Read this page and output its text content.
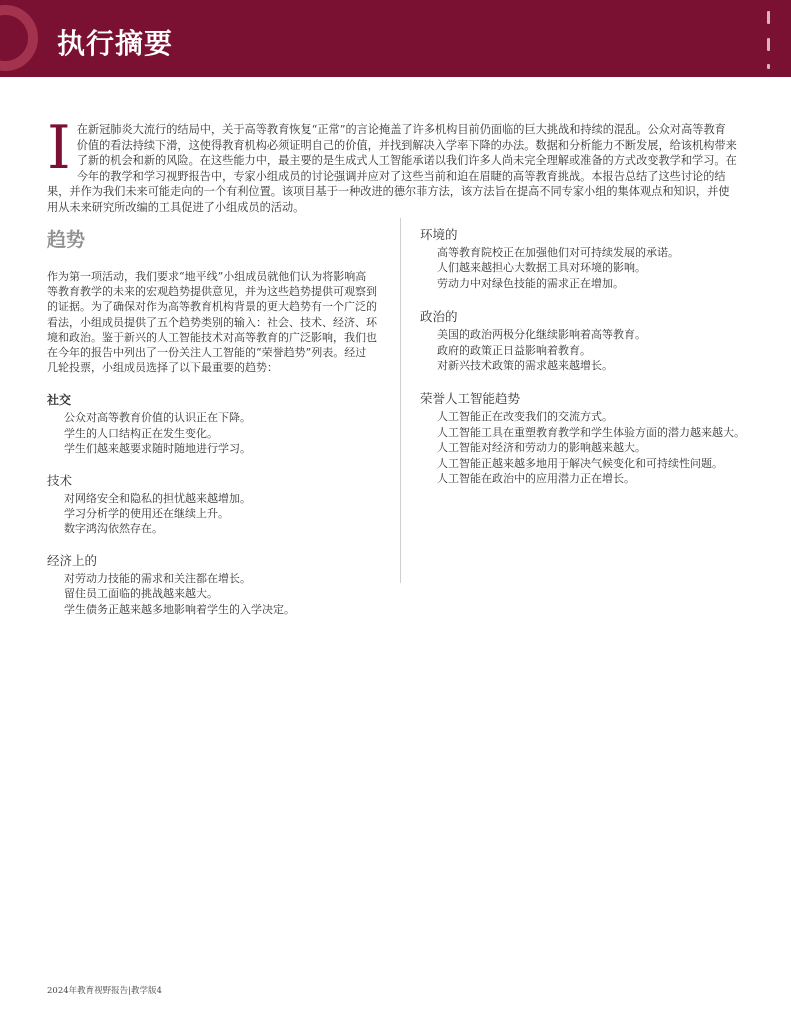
执行摘要
I 在新冠肺炎大流行的结局中，关于高等教育恢复“正常”的言论掩盖了许多机构目前仍面临的巨大挑战和持续的混乱。公众对高等教育价值的看法持续下滑，这使得教育机构必须证明自己的价值，并找到解决入学率下降的办法。数据和分析能力不断发展，给该机构带来了新的机会和新的风险。在这些能力中，最主要的是生成式人工智能承诺以我们许多人尚未完全理解或准备的方式改变教学和学习。在今年的教学和学习视野报告中，专家小组成员的讨论强调并应对了这些当前和迫在眉睫的高等教育挑战。本报告总结了这些讨论的结果，并作为我们未来可能走向的一个有利位置。该项目基于一种改进的德尔菲方法，该方法旨在提高不同专家小组的集体观点和知识，并使用从未来研究所改编的工具促进了小组成员的活动。
趋势
作为第一项活动，我们要求“地平线”小组成员就他们认为将影响高等教育教学的未来的宏观趋势提供意见，并为这些趋势提供可观察到的证据。为了确保对作为高等教育机构背景的更大趋势有一个广泛的看法，小组成员提供了五个趋势类别的输入：社会、技术、经济、环境和政治。鉴于新兴的人工智能技术对高等教育的广泛影响，我们也在今年的报告中列出了一份关注人工智能的“荣誉趋势”列表。经过几轮投票，小组成员选择了以下最重要的趋势：
社交
公众对高等教育价值的认识正在下降。
学生的人口结构正在发生变化。
学生们越来越要求随时随地进行学习。
技术
对网络安全和隐私的担忧越来越增加。
学习分析学的使用还在继续上升。
数字鸿沟依然存在。
经济上的
对劳动力技能的需求和关注都在增长。
留住员工面临的挑战越来越大。
学生债务正越来越多地影响着学生的入学决定。
环境的
高等教育院校正在加强他们对可持续发展的承诺。
人们越来越担心大数据工具对环境的影响。
劳动力中对绿色技能的需求正在增加。
政治的
美国的政治两极分化继续影响着高等教育。
政府的政策正日益影响着教育。
对新兴技术政策的需求越来越增长。
荣誉人工智能趋势
人工智能正在改变我们的交流方式。
人工智能工具在重塑教育教学和学生体验方面的潜力越来越大。
人工智能对经济和劳动力的影响越来越大。
人工智能正越来越多地用于解决气候变化和可持续性问题。
人工智能在政治中的应用潜力正在增长。
2024年教育视野报告|教学版4
